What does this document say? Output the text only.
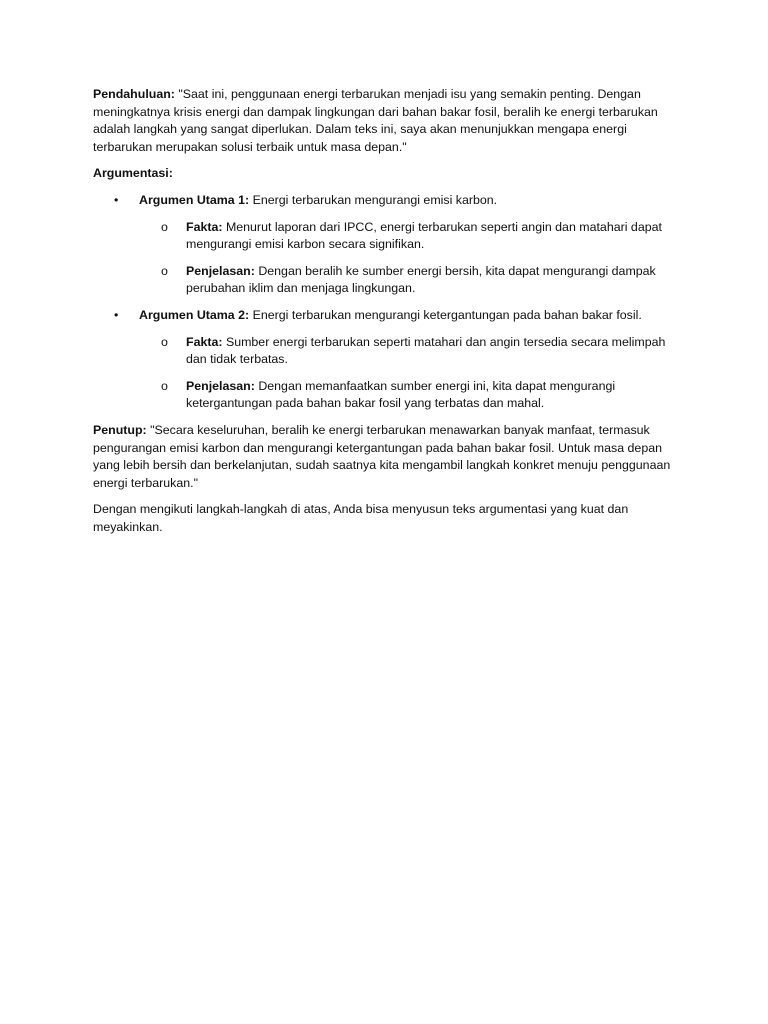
Pendahuluan: "Saat ini, penggunaan energi terbarukan menjadi isu yang semakin penting. Dengan meningkatnya krisis energi dan dampak lingkungan dari bahan bakar fosil, beralih ke energi terbarukan adalah langkah yang sangat diperlukan. Dalam teks ini, saya akan menunjukkan mengapa energi terbarukan merupakan solusi terbaik untuk masa depan."

Argumentasi:

• Argumen Utama 1: Energi terbarukan mengurangi emisi karbon.
o Fakta: Menurut laporan dari IPCC, energi terbarukan seperti angin dan matahari dapat mengurangi emisi karbon secara signifikan.
o Penjelasan: Dengan beralih ke sumber energi bersih, kita dapat mengurangi dampak perubahan iklim dan menjaga lingkungan.
• Argumen Utama 2: Energi terbarukan mengurangi ketergantungan pada bahan bakar fosil.
o Fakta: Sumber energi terbarukan seperti matahari dan angin tersedia secara melimpah dan tidak terbatas.
o Penjelasan: Dengan memanfaatkan sumber energi ini, kita dapat mengurangi ketergantungan pada bahan bakar fosil yang terbatas dan mahal.

Penutup: "Secara keseluruhan, beralih ke energi terbarukan menawarkan banyak manfaat, termasuk pengurangan emisi karbon dan mengurangi ketergantungan pada bahan bakar fosil. Untuk masa depan yang lebih bersih dan berkelanjutan, sudah saatnya kita mengambil langkah konkret menuju penggunaan energi terbarukan."

Dengan mengikuti langkah-langkah di atas, Anda bisa menyusun teks argumentasi yang kuat dan meyakinkan.
